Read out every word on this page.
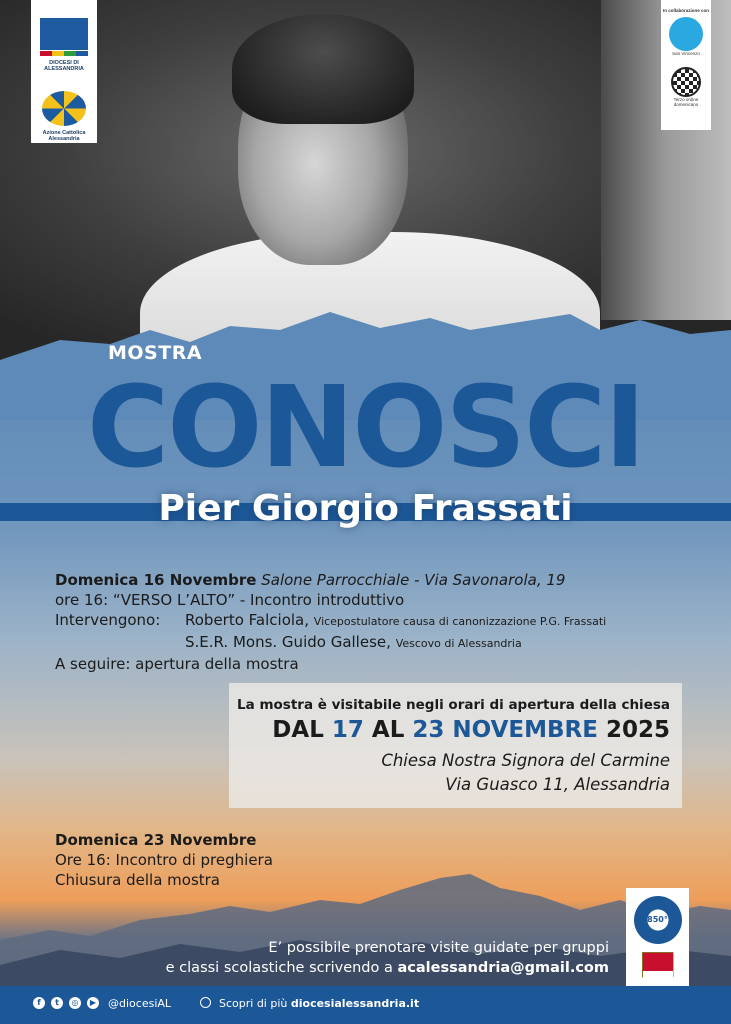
DIOCESI DI ALESSANDRIA
Azione Cattolica Alessandria
In collaborazione con
San Vincenzo
Terzo ordine domenicano
MOSTRA
CONOSCI
Pier Giorgio Frassati
Domenica 16 Novembre Salone Parrocchiale - Via Savonarola, 19
ore 16: “VERSO L’ALTO” - Incontro introduttivo
Intervengono:	Roberto Falciola, Vicepostulatore causa di canonizzazione P.G. Frassati
S.E.R. Mons. Guido Gallese, Vescovo di Alessandria
A seguire: apertura della mostra
La mostra è visitabile negli orari di apertura della chiesa
DAL 17 AL 23 NOVEMBRE 2025
Chiesa Nostra Signora del Carmine
Via Guasco 11, Alessandria
Domenica 23 Novembre
Ore 16: Incontro di preghiera
Chiusura della mostra
E’ possibile prenotare visite guidate per gruppi
e classi scolastiche scrivendo a acalessandria@gmail.com
850°
f	t	◎	▶ @diocesiAL	Scopri di più diocesialessandria.it
